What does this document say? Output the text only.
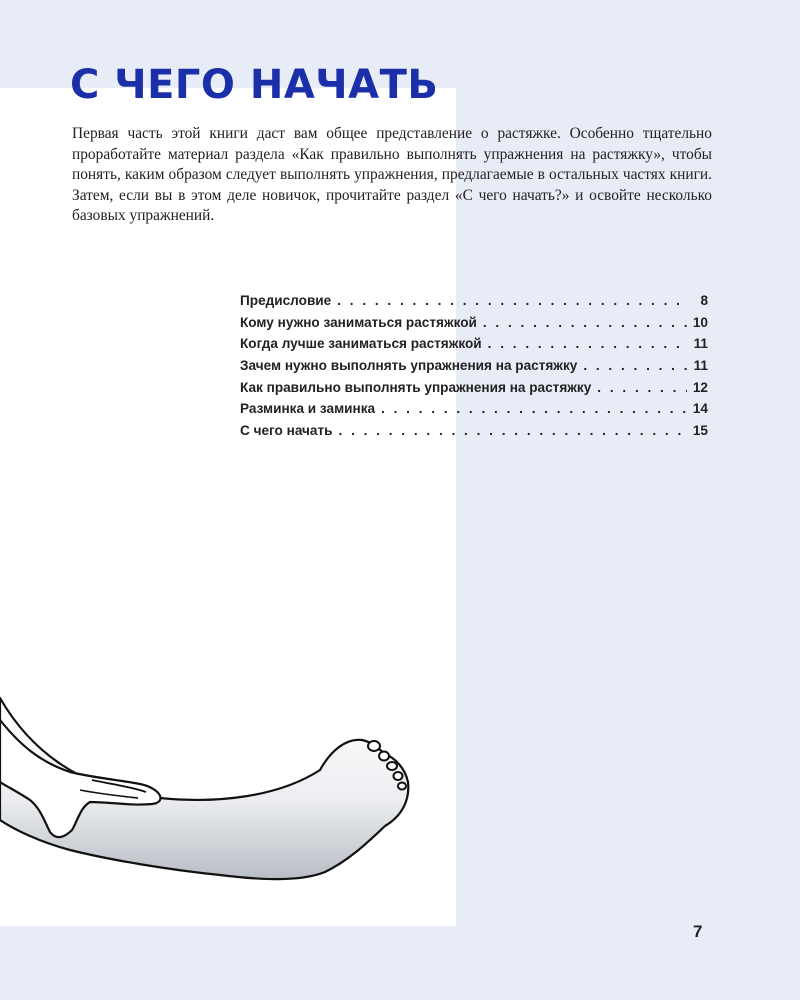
С ЧЕГО НАЧАТЬ

Первая часть этой книги даст вам общее представление о растяжке. Особенно тщательно проработайте материал раздела «Как правильно выполнять упражнения на растяжку», чтобы понять, каким образом следует выполнять упражнения, предлагаемые в остальных частях книги. Затем, если вы в этом деле новичок, прочитайте раздел «С чего начать?» и освойте несколько базовых упражнений.

Предисловие . . .	8
Кому нужно заниматься растяжкой . . .	10
Когда лучше заниматься растяжкой . . .	11
Зачем нужно выполнять упражнения на растяжку . . .	11
Как правильно выполнять упражнения на растяжку . . .	12
Разминка и заминка . . .	14
С чего начать . . .	15
7
